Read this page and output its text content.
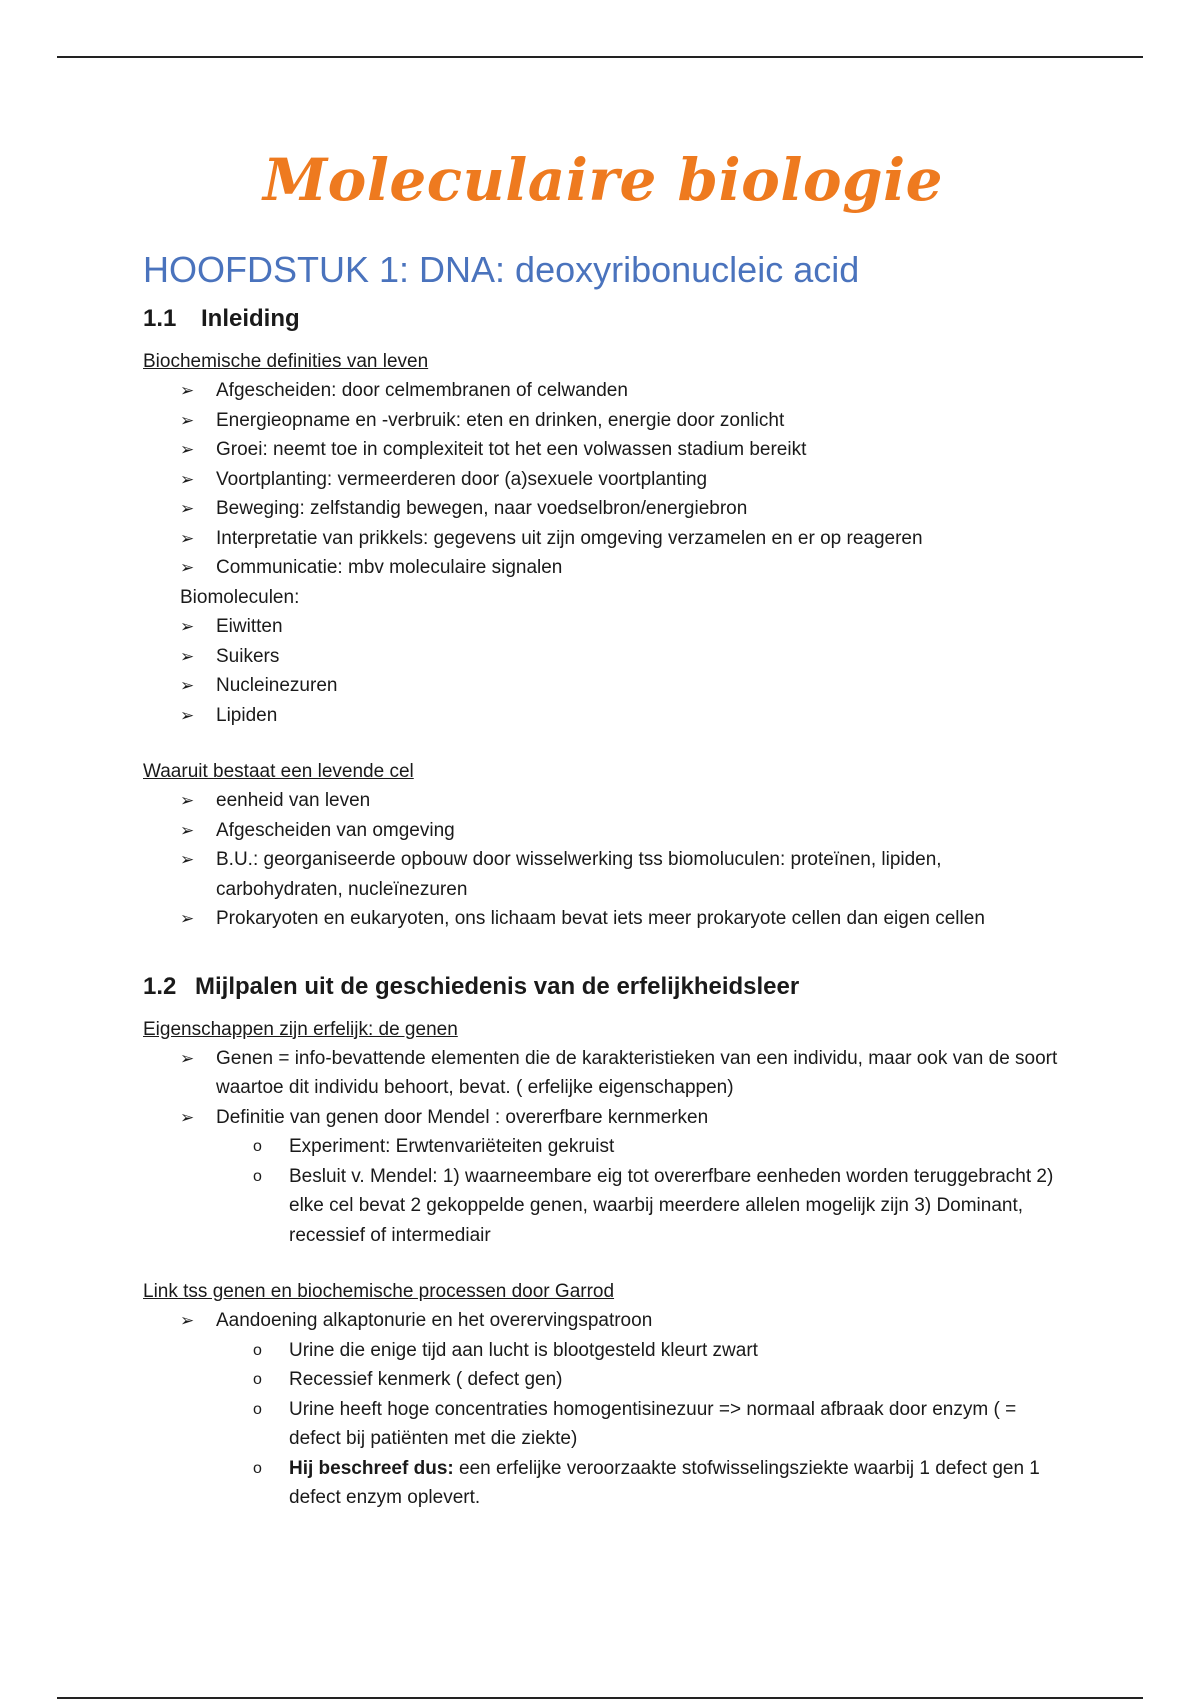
Moleculaire biologie
HOOFDSTUK 1: DNA: deoxyribonucleic acid
1.1 Inleiding

Biochemische definities van leven

➢ Afgescheiden: door celmembranen of celwanden
➢ Energieopname en -verbruik: eten en drinken, energie door zonlicht
➢ Groei: neemt toe in complexiteit tot het een volwassen stadium bereikt
➢ Voortplanting: vermeerderen door (a)sexuele voortplanting
➢ Beweging: zelfstandig bewegen, naar voedselbron/energiebron
➢ Interpretatie van prikkels: gegevens uit zijn omgeving verzamelen en er op reageren
➢ Communicatie: mbv moleculaire signalen

Biomoleculen:

➢ Eiwitten
➢ Suikers
➢ Nucleinezuren
➢ Lipiden

Waaruit bestaat een levende cel

➢ eenheid van leven
➢ Afgescheiden van omgeving
➢ B.U.: georganiseerde opbouw door wisselwerking tss biomoluculen: proteïnen, lipiden, carbohydraten, nucleïnezuren
➢ Prokaryoten en eukaryoten, ons lichaam bevat iets meer prokaryote cellen dan eigen cellen
1.2 Mijlpalen uit de geschiedenis van de erfelijkheidsleer

Eigenschappen zijn erfelijk: de genen

➢ Genen = info-bevattende elementen die de karakteristieken van een individu, maar ook van de soort waartoe dit individu behoort, bevat. ( erfelijke eigenschappen)
➢ Definitie van genen door Mendel : overerfbare kernmerken
o Experiment: Erwtenvariëteiten gekruist
o Besluit v. Mendel: 1) waarneembare eig tot overerfbare eenheden worden teruggebracht 2) elke cel bevat 2 gekoppelde genen, waarbij meerdere allelen mogelijk zijn 3) Dominant, recessief of intermediair

Link tss genen en biochemische processen door Garrod

➢ Aandoening alkaptonurie en het overervingspatroon
o Urine die enige tijd aan lucht is blootgesteld kleurt zwart
o Recessief kenmerk ( defect gen)
o Urine heeft hoge concentraties homogentisinezuur => normaal afbraak door enzym ( = defect bij patiënten met die ziekte)
o Hij beschreef dus: een erfelijke veroorzaakte stofwisselingsziekte waarbij 1 defect gen 1 defect enzym oplevert.
